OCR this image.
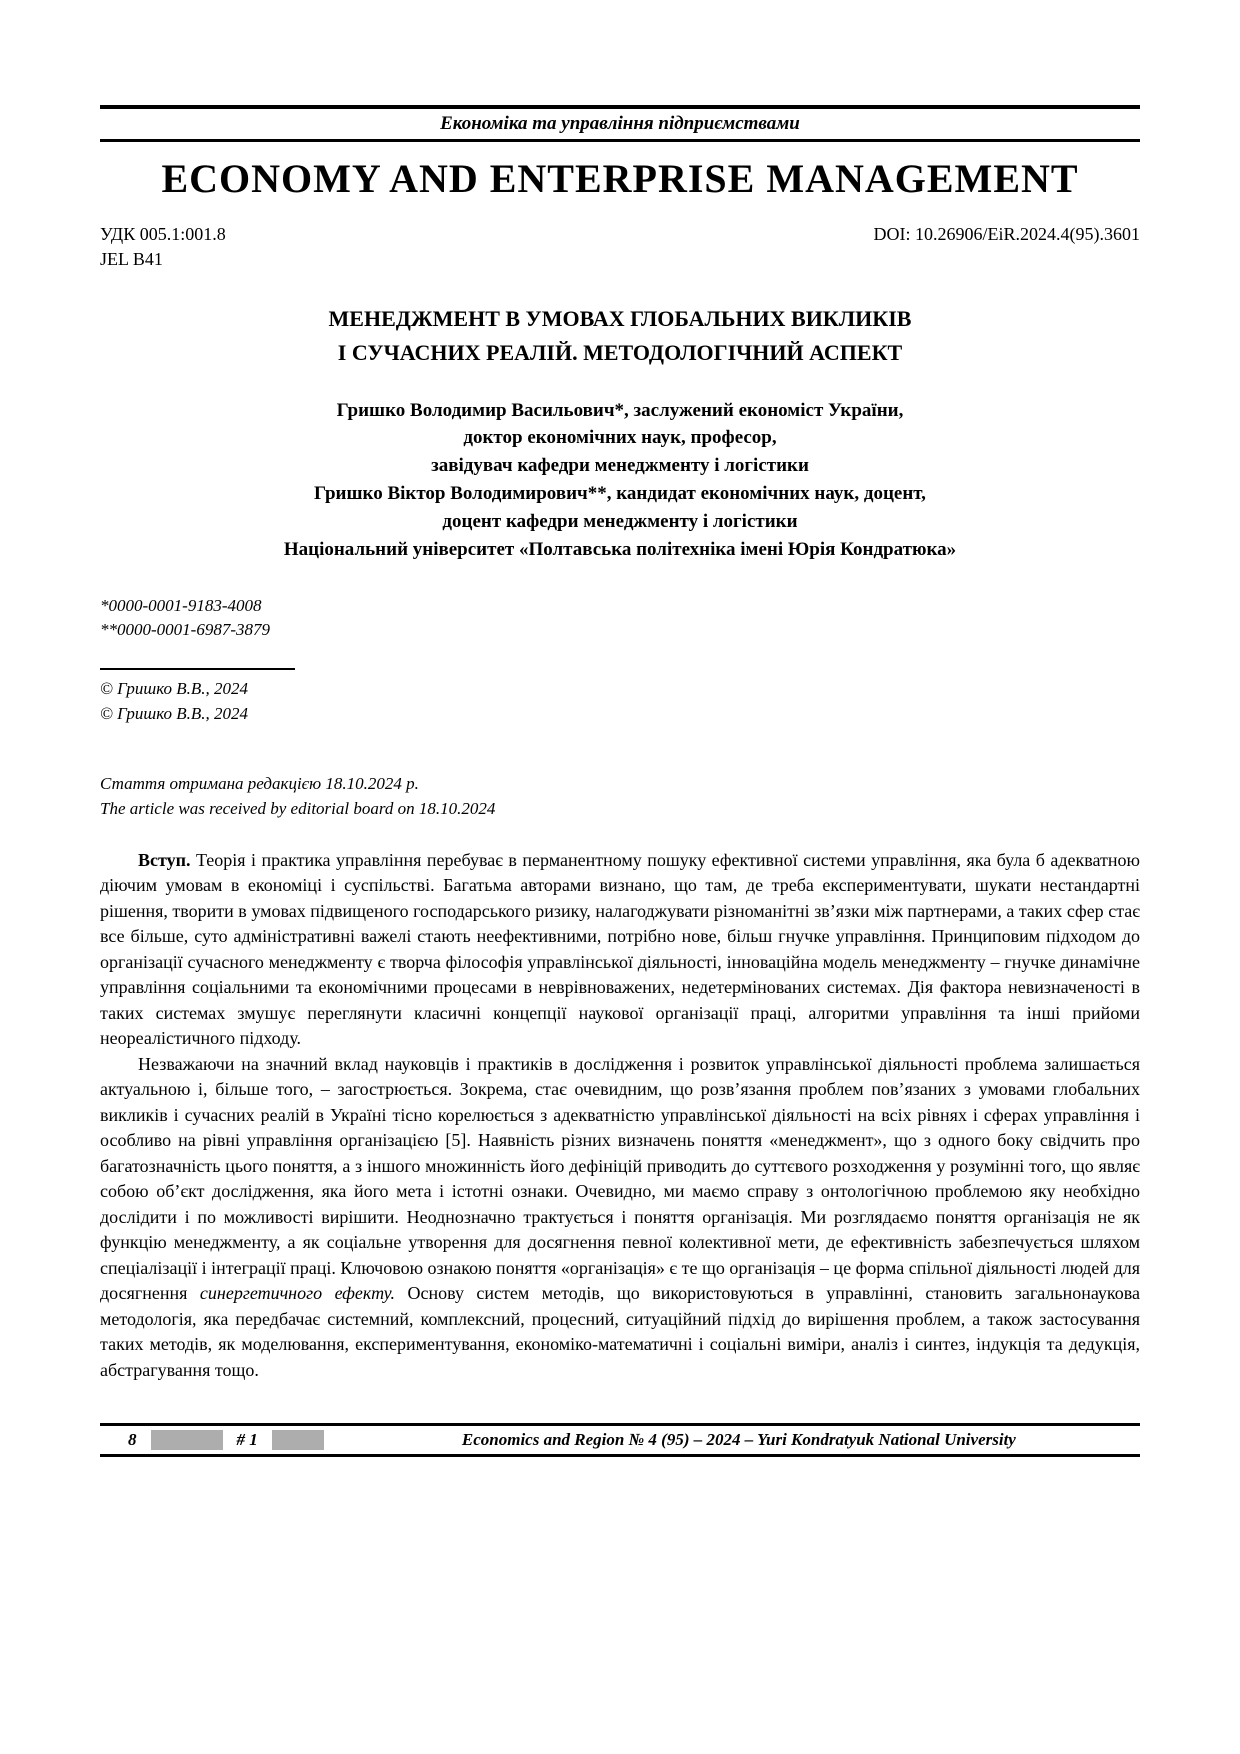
Економіка та управління підприємствами
ECONOMY AND ENTERPRISE MANAGEMENT
УДК 005.1:001.8
JEL B41
DOI: 10.26906/EiR.2024.4(95).3601
МЕНЕДЖМЕНТ В УМОВАХ ГЛОБАЛЬНИХ ВИКЛИКІВ
І СУЧАСНИХ РЕАЛІЙ. МЕТОДОЛОГІЧНИЙ АСПЕКТ
Гришко Володимир Васильович*, заслужений економіст України,
доктор економічних наук, професор,
завідувач кафедри менеджменту і логістики
Гришко Віктор Володимирович**, кандидат економічних наук, доцент,
доцент кафедри менеджменту і логістики
Національний університет «Полтавська політехніка імені Юрія Кондратюка»
*0000-0001-9183-4008
**0000-0001-6987-3879
© Гришко В.В., 2024
© Гришко В.В., 2024
Стаття отримана редакцією 18.10.2024 р.
The article was received by editorial board on 18.10.2024

Вступ. Теорія і практика управління перебуває в перманентному пошуку ефективної системи управління, яка була б адекватною діючим умовам в економіці і суспільстві. Багатьма авторами визнано, що там, де треба експериментувати, шукати нестандартні рішення, творити в умовах підвищеного господарського ризику, налагоджувати різноманітні зв’язки між партнерами, а таких сфер стає все більше, суто адміністративні важелі стають неефективними, потрібно нове, більш гнучке управління. Принциповим підходом до організації сучасного менеджменту є творча філософія управлінської діяльності, інноваційна модель менеджменту – гнучке динамічне управління соціальними та економічними процесами в неврівноважених, недетермінованих системах. Дія фактора невизначеності в таких системах змушує переглянути класичні концепції наукової організації праці, алгоритми управління та інші прийоми неореалістичного підходу.

Незважаючи на значний вклад науковців і практиків в дослідження і розвиток управлінської діяльності проблема залишається актуальною і, більше того, – загострюється. Зокрема, стає очевидним, що розв’язання проблем пов’язаних з умовами глобальних викликів і сучасних реалій в Україні тісно корелюється з адекватністю управлінської діяльності на всіх рівнях і сферах управління і особливо на рівні управління організацією [5]. Наявність різних визначень поняття «менеджмент», що з одного боку свідчить про багатозначність цього поняття, а з іншого множинність його дефініцій приводить до суттєвого розходження у розумінні того, що являє собою об’єкт дослідження, яка його мета і істотні ознаки. Очевидно, ми маємо справу з онтологічною проблемою яку необхідно дослідити і по можливості вирішити. Неоднозначно трактується і поняття організація. Ми розглядаємо поняття організація не як функцію менеджменту, а як соціальне утворення для досягнення певної колективної мети, де ефективність забезпечується шляхом спеціалізації і інтеграції праці. Ключовою ознакою поняття «організація» є те що організація – це форма спільної діяльності людей для досягнення синергетичного ефекту. Основу систем методів, що використовуються в управлінні, становить загальнонаукова методологія, яка передбачає системний, комплексний, процесний, ситуаційний підхід до вирішення проблем, а також застосування таких методів, як моделювання, експериментування, економіко-математичні і соціальні виміри, аналіз і синтез, індукція та дедукція, абстрагування тощо.

8	# 1	Economics and Region № 4 (95) – 2024 – Yuri Kondratyuk National University
